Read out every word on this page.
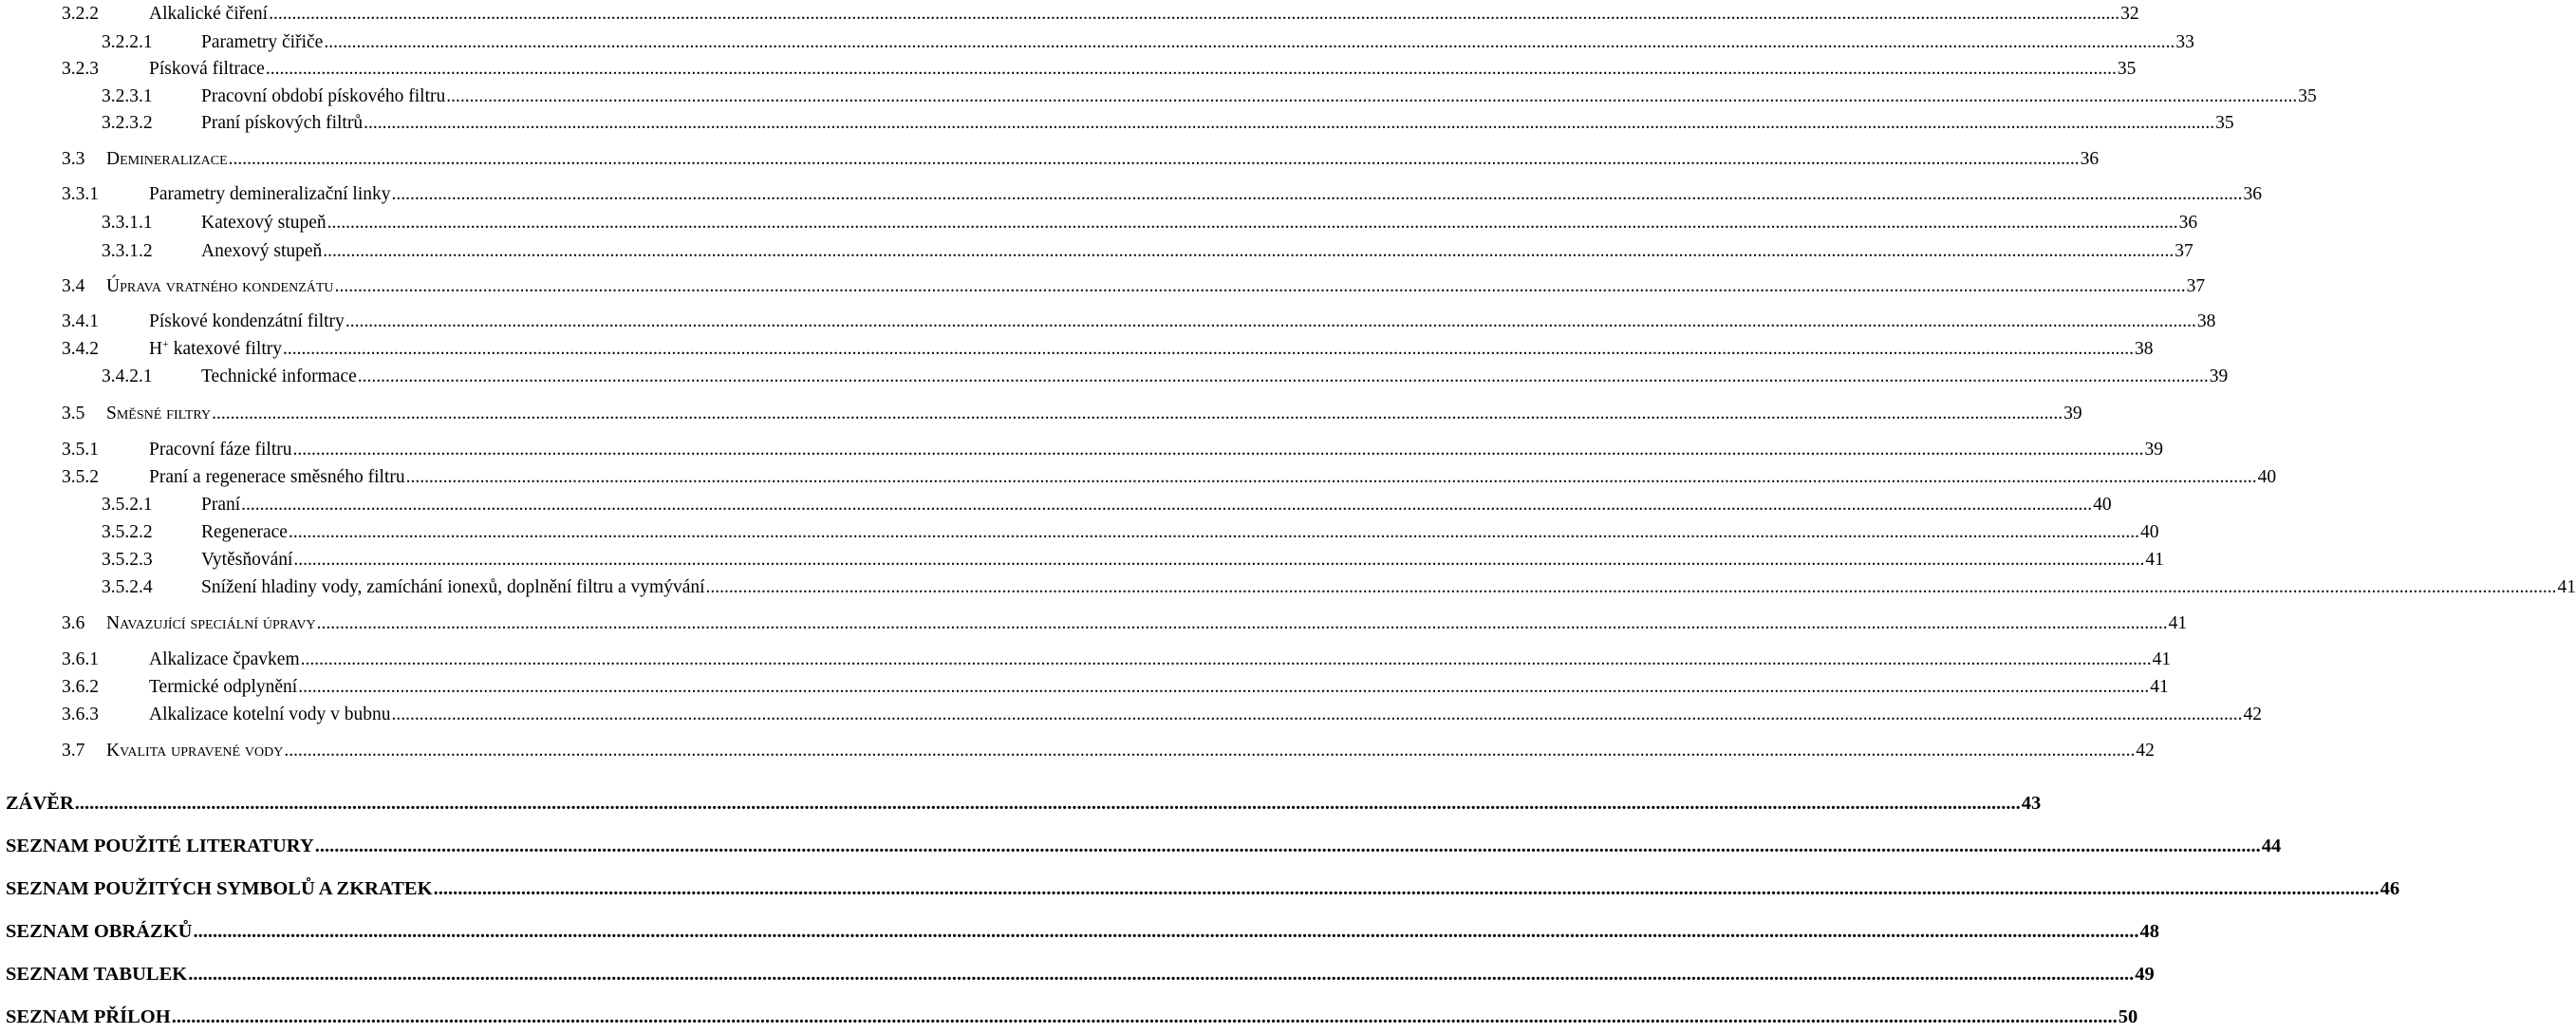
3.2.2	Alkalické čiření ................................................................................................................................................................................................................................................................................................................................................................................................................ 32
3.2.2.1	Parametry čiřiče ................................................................................................................................................................................................................................................................................................................................................................................................................ 33
3.2.3	Písková filtrace ................................................................................................................................................................................................................................................................................................................................................................................................................ 35
3.2.3.1	Pracovní období pískového filtru ................................................................................................................................................................................................................................................................................................................................................................................................................ 35
3.2.3.2	Praní pískových filtrů ................................................................................................................................................................................................................................................................................................................................................................................................................ 35
3.3 Demineralizace ................................................................................................................................................................................................................................................................................................................................................................................................................ 36
3.3.1	Parametry demineralizační linky ................................................................................................................................................................................................................................................................................................................................................................................................................ 36
3.3.1.1	Katexový stupeň ................................................................................................................................................................................................................................................................................................................................................................................................................ 36
3.3.1.2	Anexový stupeň ................................................................................................................................................................................................................................................................................................................................................................................................................ 37
3.4 Úprava vratného kondenzátu ................................................................................................................................................................................................................................................................................................................................................................................................................ 37
3.4.1	Pískové kondenzátní filtry ................................................................................................................................................................................................................................................................................................................................................................................................................ 38
3.4.2	H+ katexové filtry ................................................................................................................................................................................................................................................................................................................................................................................................................ 38
3.4.2.1	Technické informace ................................................................................................................................................................................................................................................................................................................................................................................................................ 39
3.5 Směsné filtry ................................................................................................................................................................................................................................................................................................................................................................................................................ 39
3.5.1	Pracovní fáze filtru ................................................................................................................................................................................................................................................................................................................................................................................................................ 39
3.5.2	Praní a regenerace směsného filtru ................................................................................................................................................................................................................................................................................................................................................................................................................ 40
3.5.2.1	Praní ................................................................................................................................................................................................................................................................................................................................................................................................................ 40
3.5.2.2	Regenerace ................................................................................................................................................................................................................................................................................................................................................................................................................ 40
3.5.2.3	Vytěsňování ................................................................................................................................................................................................................................................................................................................................................................................................................ 41
3.5.2.4	Snížení hladiny vody, zamíchání ionexů, doplnění filtru a vymývání ................................................................................................................................................................................................................................................................................................................................................................................................................ 41
3.6 Navazující speciální úpravy ................................................................................................................................................................................................................................................................................................................................................................................................................ 41
3.6.1	Alkalizace čpavkem ................................................................................................................................................................................................................................................................................................................................................................................................................ 41
3.6.2	Termické odplynění ................................................................................................................................................................................................................................................................................................................................................................................................................ 41
3.6.3	Alkalizace kotelní vody v bubnu ................................................................................................................................................................................................................................................................................................................................................................................................................ 42
3.7 Kvalita upravené vody ................................................................................................................................................................................................................................................................................................................................................................................................................ 42
ZÁVĚR ................................................................................................................................................................................................................................................................................................................................................................................................................ 43
SEZNAM POUŽITÉ LITERATURY ................................................................................................................................................................................................................................................................................................................................................................................................................ 44
SEZNAM POUŽITÝCH SYMBOLŮ A ZKRATEK ................................................................................................................................................................................................................................................................................................................................................................................................................ 46
SEZNAM OBRÁZKŮ ................................................................................................................................................................................................................................................................................................................................................................................................................ 48
SEZNAM TABULEK ................................................................................................................................................................................................................................................................................................................................................................................................................ 49
SEZNAM PŘÍLOH ................................................................................................................................................................................................................................................................................................................................................................................................................ 50
